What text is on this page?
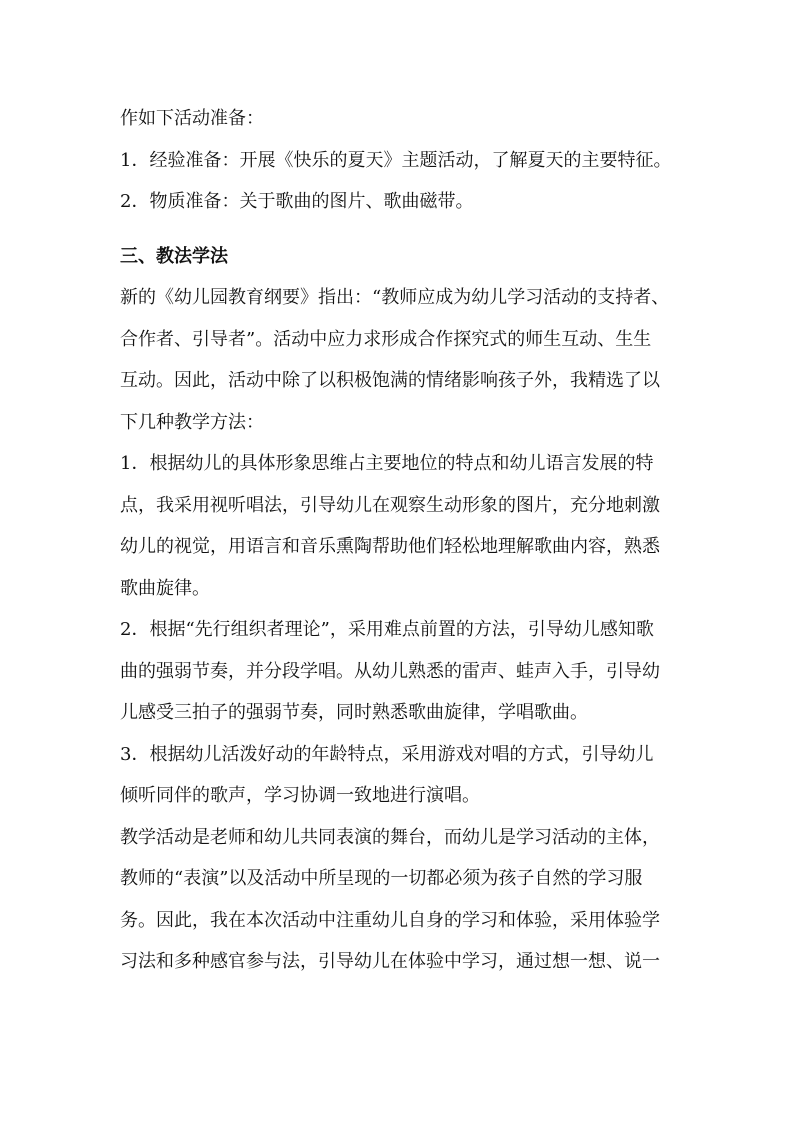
作如下活动准备：
1．经验准备：开展《快乐的夏天》主题活动，了解夏天的主要特征。
2．物质准备：关于歌曲的图片、歌曲磁带。
三、教法学法
新的《幼儿园教育纲要》指出：“教师应成为幼儿学习活动的支持者、
合作者、引导者”。活动中应力求形成合作探究式的师生互动、生生
互动。因此，活动中除了以积极饱满的情绪影响孩子外，我精选了以
下几种教学方法：
1．根据幼儿的具体形象思维占主要地位的特点和幼儿语言发展的特
点，我采用视听唱法，引导幼儿在观察生动形象的图片，充分地刺激
幼儿的视觉，用语言和音乐熏陶帮助他们轻松地理解歌曲内容，熟悉
歌曲旋律。
2．根据“先行组织者理论”，采用难点前置的方法，引导幼儿感知歌
曲的强弱节奏，并分段学唱。从幼儿熟悉的雷声、蛙声入手，引导幼
儿感受三拍子的强弱节奏，同时熟悉歌曲旋律，学唱歌曲。
3．根据幼儿活泼好动的年龄特点，采用游戏对唱的方式，引导幼儿
倾听同伴的歌声，学习协调一致地进行演唱。
教学活动是老师和幼儿共同表演的舞台，而幼儿是学习活动的主体，
教师的“表演”以及活动中所呈现的一切都必须为孩子自然的学习服
务。因此，我在本次活动中注重幼儿自身的学习和体验，采用体验学
习法和多种感官参与法，引导幼儿在体验中学习，通过想一想、说一
